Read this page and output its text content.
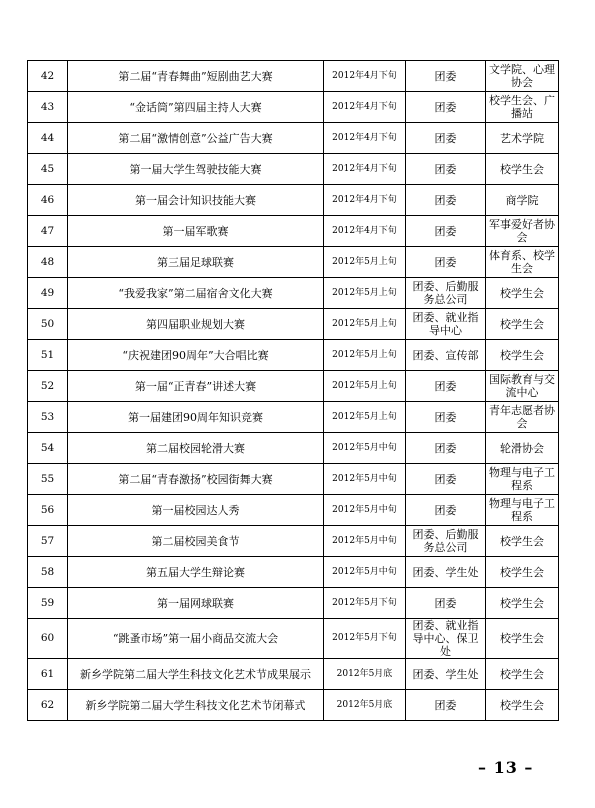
42	第二届“青春舞曲”短剧曲艺大赛	2012年4月下旬	团委	文学院、心理协会
43	“金话筒”第四届主持人大赛	2012年4月下旬	团委	校学生会、广播站
44	第二届“激情创意”公益广告大赛	2012年4月下旬	团委	艺术学院
45	第一届大学生驾驶技能大赛	2012年4月下旬	团委	校学生会
46	第一届会计知识技能大赛	2012年4月下旬	团委	商学院
47	第一届军歌赛	2012年4月下旬	团委	军事爱好者协会
48	第三届足球联赛	2012年5月上旬	团委	体育系、校学生会
49	“我爱我家”第二届宿舍文化大赛	2012年5月上旬	团委、后勤服务总公司	校学生会
50	第四届职业规划大赛	2012年5月上旬	团委、就业指导中心	校学生会
51	“庆祝建团90周年”大合唱比赛	2012年5月上旬	团委、宣传部	校学生会
52	第一届“正青春”讲述大赛	2012年5月上旬	团委	国际教育与交流中心
53	第一届建团90周年知识竞赛	2012年5月上旬	团委	青年志愿者协会
54	第二届校园轮滑大赛	2012年5月中旬	团委	轮滑协会
55	第二届“青春激扬”校园街舞大赛	2012年5月中旬	团委	物理与电子工程系
56	第一届校园达人秀	2012年5月中旬	团委	物理与电子工程系
57	第二届校园美食节	2012年5月中旬	团委、后勤服务总公司	校学生会
58	第五届大学生辩论赛	2012年5月中旬	团委、学生处	校学生会
59	第一届网球联赛	2012年5月下旬	团委	校学生会
60	“跳蚤市场”第一届小商品交流大会	2012年5月下旬	团委、就业指导中心、保卫处	校学生会
61	新乡学院第二届大学生科技文化艺术节成果展示	2012年5月底	团委、学生处	校学生会
62	新乡学院第二届大学生科技文化艺术节闭幕式	2012年5月底	团委	校学生会
– 13 –
